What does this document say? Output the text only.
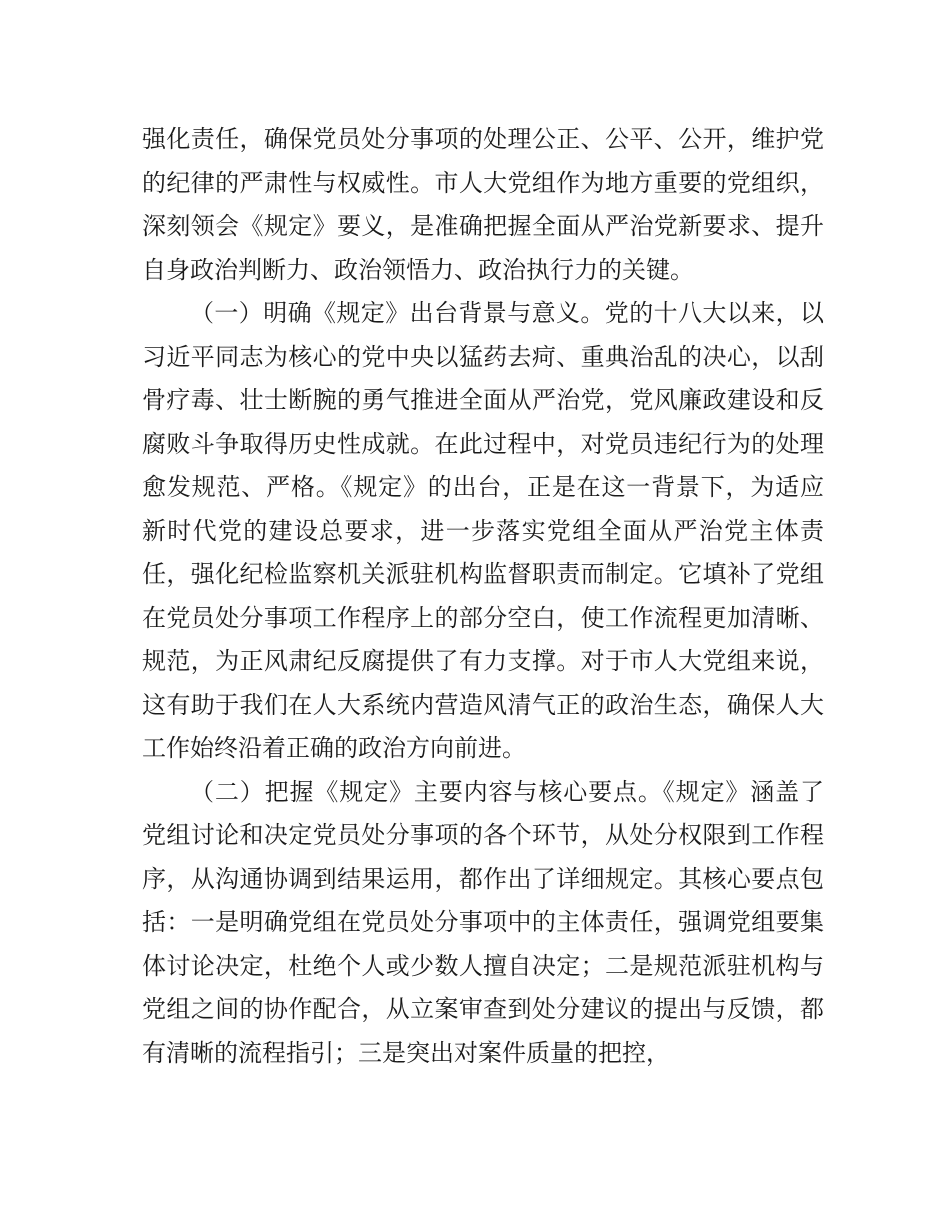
强化责任，确保党员处分事项的处理公正、公平、公开，维护党的纪律的严肃性与权威性。市人大党组作为地方重要的党组织，深刻领会《规定》要义，是准确把握全面从严治党新要求、提升自身政治判断力、政治领悟力、政治执行力的关键。

（一）明确《规定》出台背景与意义。党的十八大以来，以习近平同志为核心的党中央以猛药去疴、重典治乱的决心，以刮骨疗毒、壮士断腕的勇气推进全面从严治党，党风廉政建设和反腐败斗争取得历史性成就。在此过程中，对党员违纪行为的处理愈发规范、严格。《规定》的出台，正是在这一背景下，为适应新时代党的建设总要求，进一步落实党组全面从严治党主体责任，强化纪检监察机关派驻机构监督职责而制定。它填补了党组在党员处分事项工作程序上的部分空白，使工作流程更加清晰、规范，为正风肃纪反腐提供了有力支撑。对于市人大党组来说，这有助于我们在人大系统内营造风清气正的政治生态，确保人大工作始终沿着正确的政治方向前进。

（二）把握《规定》主要内容与核心要点。《规定》涵盖了党组讨论和决定党员处分事项的各个环节，从处分权限到工作程序，从沟通协调到结果运用，都作出了详细规定。其核心要点包括：一是明确党组在党员处分事项中的主体责任，强调党组要集体讨论决定，杜绝个人或少数人擅自决定；二是规范派驻机构与党组之间的协作配合，从立案审查到处分建议的提出与反馈，都有清晰的流程指引；三是突出对案件质量的把控，
